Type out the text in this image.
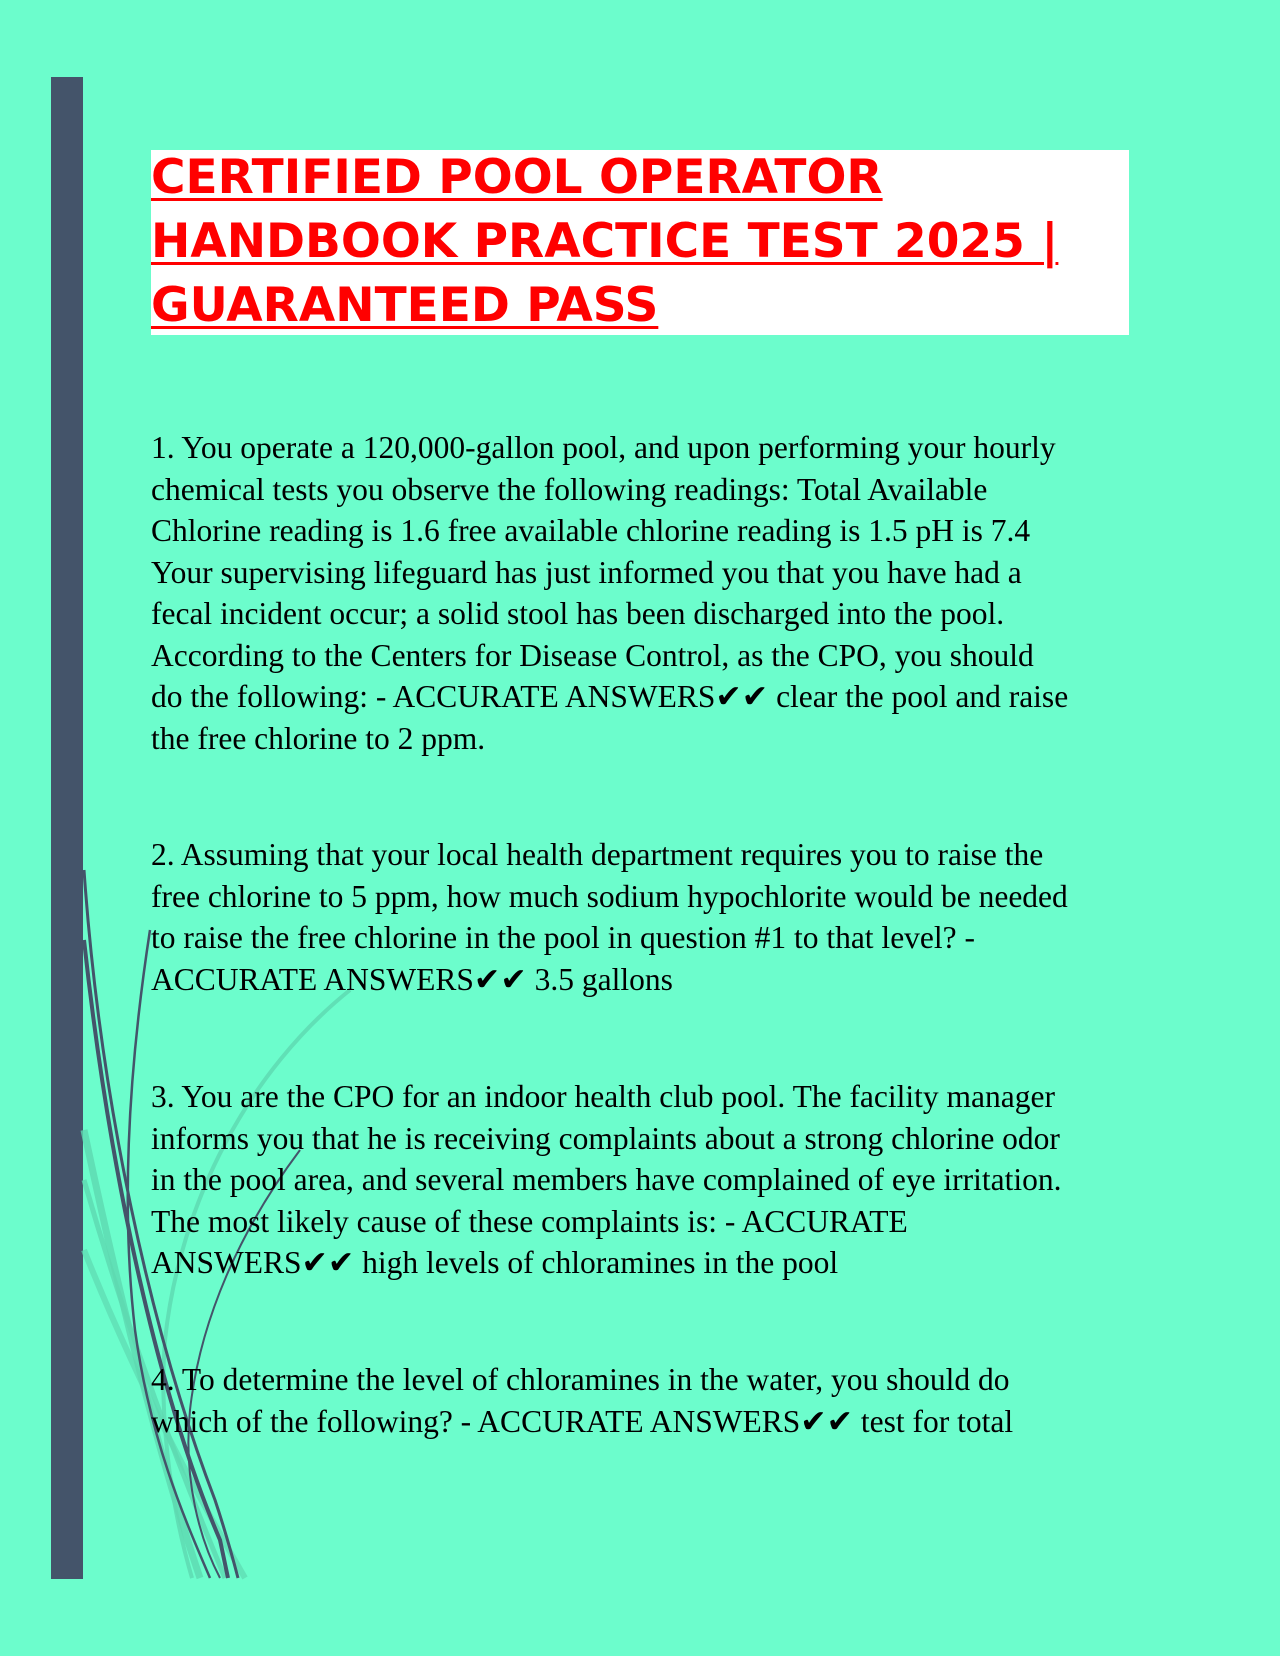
CERTIFIED POOL OPERATOR
HANDBOOK PRACTICE TEST 2025 |
GUARANTEED PASS

1. You operate a 120,000-gallon pool, and upon performing your hourly
chemical tests you observe the following readings: Total Available
Chlorine reading is 1.6 free available chlorine reading is 1.5 pH is 7.4
Your supervising lifeguard has just informed you that you have had a
fecal incident occur; a solid stool has been discharged into the pool.
According to the Centers for Disease Control, as the CPO, you should
do the following: - ACCURATE ANSWERS✔✔ clear the pool and raise
the free chlorine to 2 ppm.

2. Assuming that your local health department requires you to raise the
free chlorine to 5 ppm, how much sodium hypochlorite would be needed
to raise the free chlorine in the pool in question #1 to that level? -
ACCURATE ANSWERS✔✔ 3.5 gallons

3. You are the CPO for an indoor health club pool. The facility manager
informs you that he is receiving complaints about a strong chlorine odor
in the pool area, and several members have complained of eye irritation.
The most likely cause of these complaints is: - ACCURATE
ANSWERS✔✔ high levels of chloramines in the pool

4. To determine the level of chloramines in the water, you should do
which of the following? - ACCURATE ANSWERS✔✔ test for total
